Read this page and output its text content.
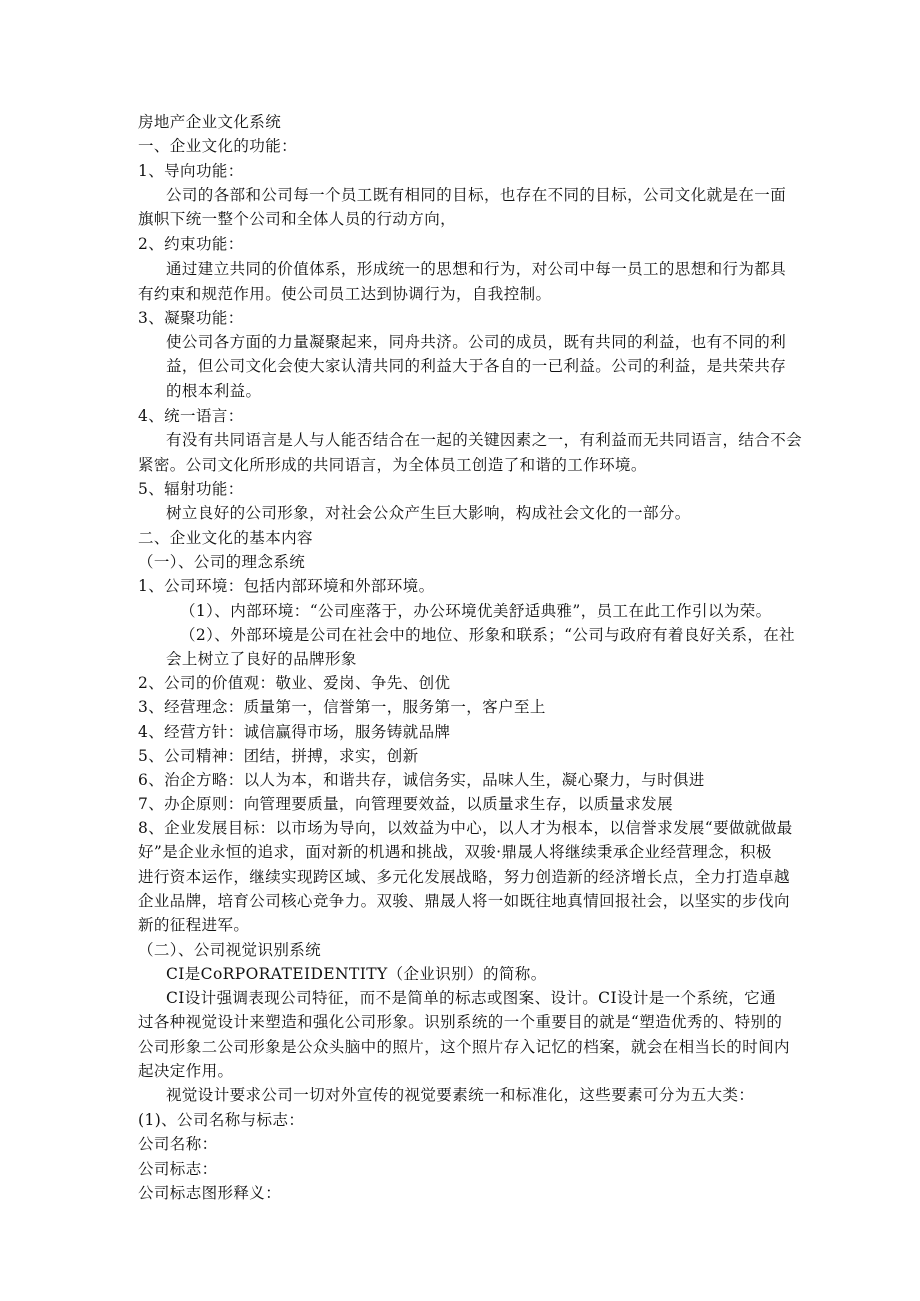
房地产企业文化系统
一、企业文化的功能：
1、导向功能：
公司的各部和公司每一个员工既有相同的目标，也存在不同的目标，公司文化就是在一面
旗帜下统一整个公司和全体人员的行动方向，
2、约束功能：
通过建立共同的价值体系，形成统一的思想和行为，对公司中每一员工的思想和行为都具
有约束和规范作用。使公司员工达到协调行为，自我控制。
3、凝聚功能：
使公司各方面的力量凝聚起来，同舟共济。公司的成员，既有共同的利益，也有不同的利
益，但公司文化会使大家认清共同的利益大于各自的一已利益。公司的利益，是共荣共存
的根本利益。
4、统一语言：
有没有共同语言是人与人能否结合在一起的关键因素之一，有利益而无共同语言，结合不会
紧密。公司文化所形成的共同语言，为全体员工创造了和谐的工作环境。
5、辐射功能：
树立良好的公司形象，对社会公众产生巨大影响，构成社会文化的一部分。
二、企业文化的基本内容
（一）、公司的理念系统
1、公司环境：包括内部环境和外部环境。
（1）、内部环境：“公司座落于，办公环境优美舒适典雅”，员工在此工作引以为荣。
（2）、外部环境是公司在社会中的地位、形象和联系；“公司与政府有着良好关系，在社
会上树立了良好的品牌形象
2、公司的价值观：敬业、爱岗、争先、创优
3、经营理念：质量第一，信誉第一，服务第一，客户至上
4、经营方针：诚信赢得市场，服务铸就品牌
5、公司精神：团结，拼搏，求实，创新
6、治企方略：以人为本，和谐共存，诚信务实，品味人生，凝心聚力，与时俱进
7、办企原则：向管理要质量，向管理要效益，以质量求生存，以质量求发展
8、企业发展目标：以市场为导向，以效益为中心，以人才为根本，以信誉求发展“要做就做最
好”是企业永恒的追求，面对新的机遇和挑战，双骏·鼎晟人将继续秉承企业经营理念，积极
进行资本运作，继续实现跨区域、多元化发展战略，努力创造新的经济增长点，全力打造卓越
企业品牌，培育公司核心竞争力。双骏、鼎晟人将一如既往地真情回报社会，以坚实的步伐向
新的征程进军。
（二）、公司视觉识别系统
CI是CoRPORATEIDENTITY（企业识别）的简称。
CI设计强调表现公司特征，而不是简单的标志或图案、设计。CI设计是一个系统，它通
过各种视觉设计来塑造和强化公司形象。识别系统的一个重要目的就是“塑造优秀的、特别的
公司形象二公司形象是公众头脑中的照片，这个照片存入记忆的档案，就会在相当长的时间内
起决定作用。
视觉设计要求公司一切对外宣传的视觉要素统一和标准化，这些要素可分为五大类：
(1)、公司名称与标志：
公司名称：
公司标志：
公司标志图形释义：
